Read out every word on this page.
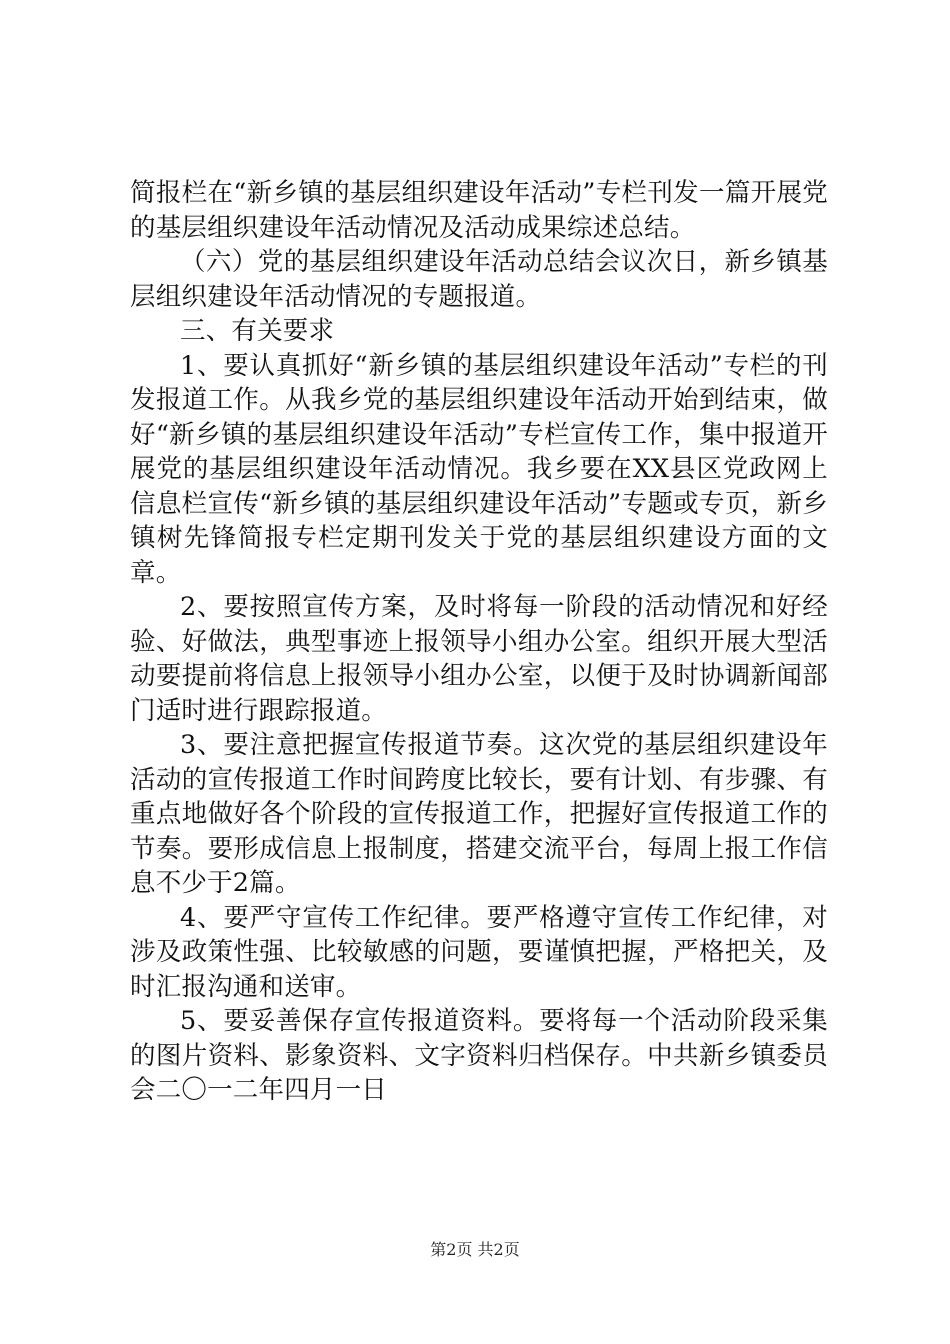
简报栏在“新乡镇的基层组织建设年活动”专栏刊发一篇开展党的基层组织建设年活动情况及活动成果综述总结。

（六）党的基层组织建设年活动总结会议次日，新乡镇基层组织建设年活动情况的专题报道。

三、有关要求

1、要认真抓好“新乡镇的基层组织建设年活动”专栏的刊发报道工作。从我乡党的基层组织建设年活动开始到结束，做好“新乡镇的基层组织建设年活动”专栏宣传工作，集中报道开展党的基层组织建设年活动情况。我乡要在XX县区党政网上信息栏宣传“新乡镇的基层组织建设年活动”专题或专页，新乡镇树先锋简报专栏定期刊发关于党的基层组织建设方面的文章。

2、要按照宣传方案，及时将每一阶段的活动情况和好经验、好做法，典型事迹上报领导小组办公室。组织开展大型活动要提前将信息上报领导小组办公室，以便于及时协调新闻部门适时进行跟踪报道。

3、要注意把握宣传报道节奏。这次党的基层组织建设年活动的宣传报道工作时间跨度比较长，要有计划、有步骤、有重点地做好各个阶段的宣传报道工作，把握好宣传报道工作的节奏。要形成信息上报制度，搭建交流平台，每周上报工作信息不少于2篇。

4、要严守宣传工作纪律。要严格遵守宣传工作纪律，对涉及政策性强、比较敏感的问题，要谨慎把握，严格把关，及时汇报沟通和送审。

5、要妥善保存宣传报道资料。要将每一个活动阶段采集的图片资料、影象资料、文字资料归档保存。中共新乡镇委员会二〇一二年四月一日

第2页 共2页
